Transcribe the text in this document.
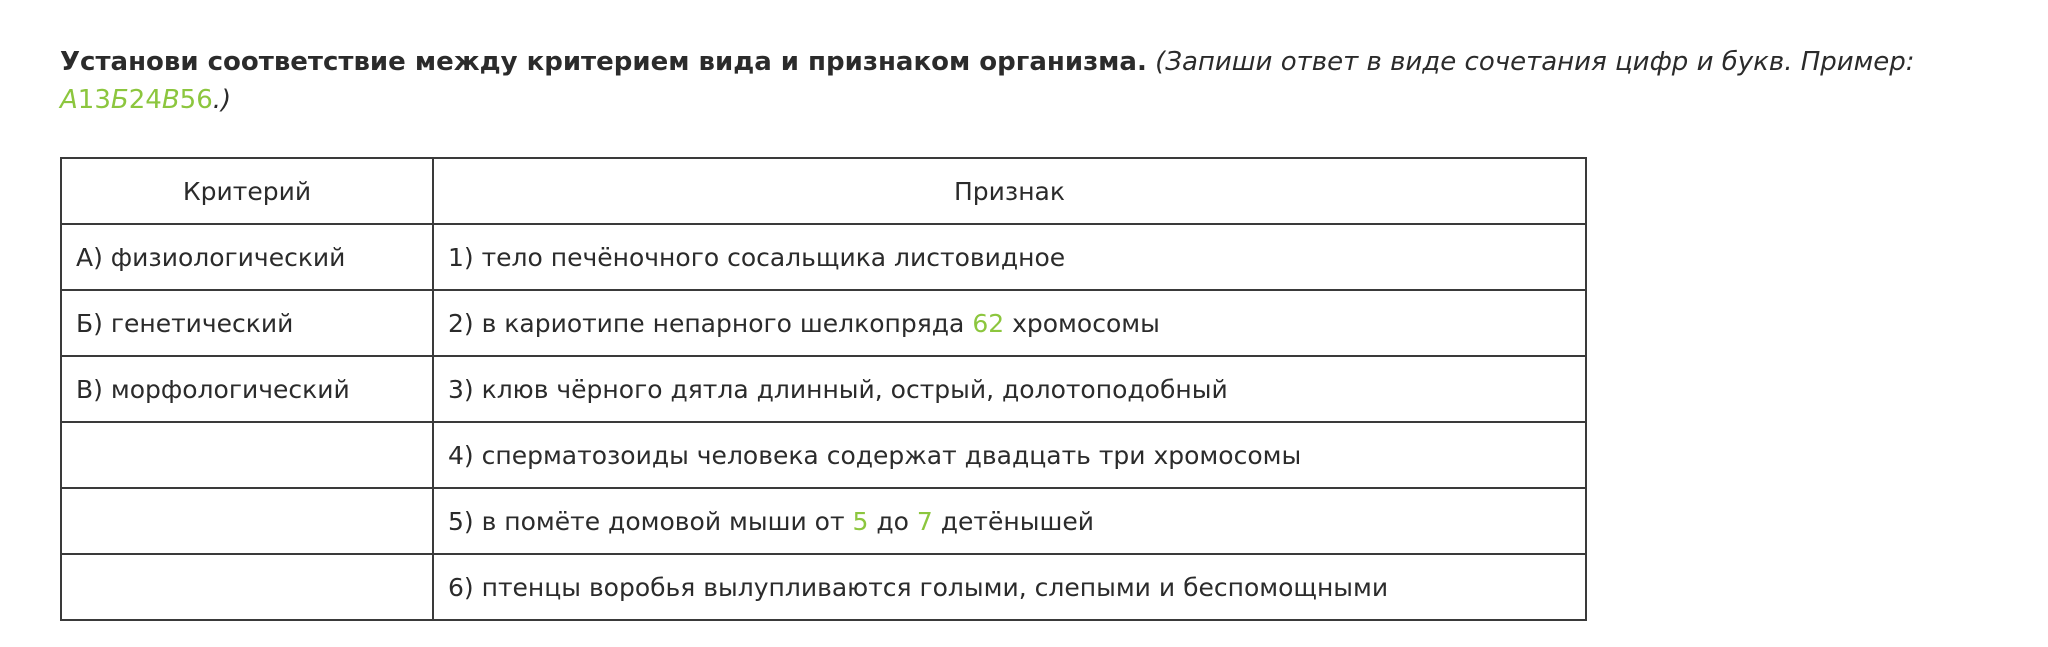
Установи соответствие между критерием вида и признаком организма. (Запиши ответ в виде сочетания цифр и букв. Пример: А13Б24В56.)

Критерий	Признак
А) физиологический	1) тело печёночного сосальщика листовидное
Б) генетический	2) в кариотипе непарного шелкопряда 62 хромосомы
В) морфологический	3) клюв чёрного дятла длинный, острый, долотоподобный
	4) сперматозоиды человека содержат двадцать три хромосомы
	5) в помёте домовой мыши от 5 до 7 детёнышей
	6) птенцы воробья вылупливаются голыми, слепыми и беспомощными
